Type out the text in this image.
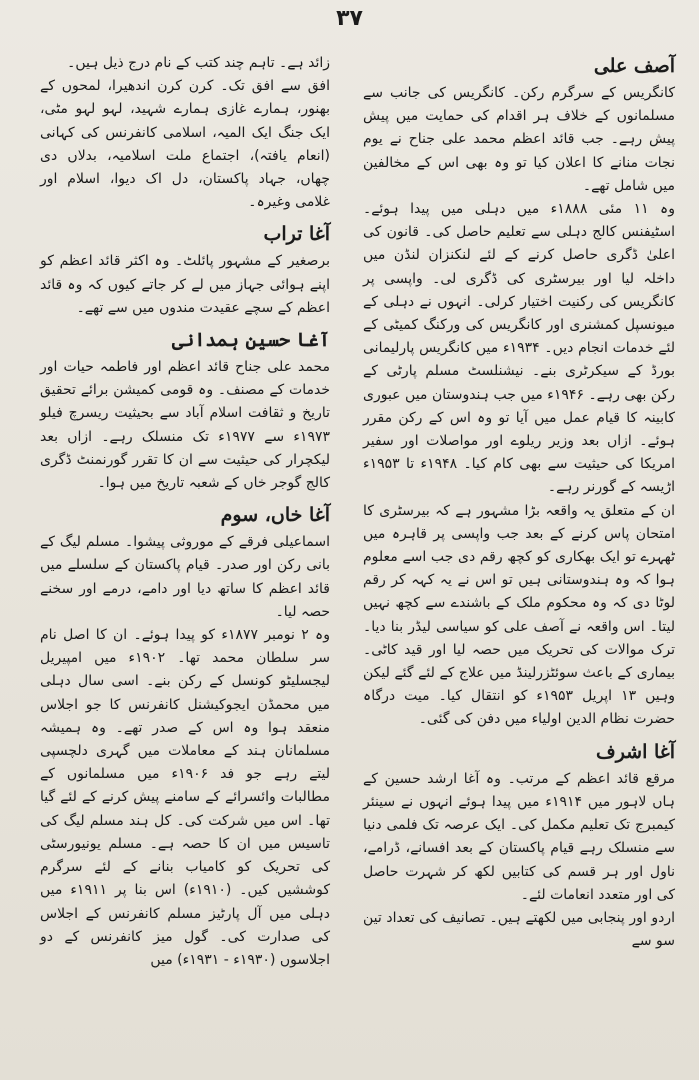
۳۷
آصف علی

کانگریس کے سرگرم رکن۔ کانگریس کی جانب سے مسلمانوں کے خلاف ہر اقدام کی حمایت میں پیش پیش رہے۔ جب قائد اعظم محمد علی جناح نے یوم نجات منانے کا اعلان کیا تو وہ بھی اس کے مخالفین میں شامل تھے۔

وہ ۱۱ مئی ۱۸۸۸ء میں دہلی میں پیدا ہوئے۔ اسٹیفنس کالج دہلی سے تعلیم حاصل کی۔ قانون کی اعلیٰ ڈگری حاصل کرنے کے لئے لنکنزان لنڈن میں داخلہ لیا اور بیرسٹری کی ڈگری لی۔ واپسی پر کانگریس کی رکنیت اختیار کرلی۔ انہوں نے دہلی کے میونسپل کمشنری اور کانگریس کی ورکنگ کمیٹی کے لئے خدمات انجام دیں۔ ۱۹۳۴ء میں کانگریس پارلیمانی بورڈ کے سیکرٹری بنے۔ نیشنلسٹ مسلم پارٹی کے رکن بھی رہے۔ ۱۹۴۶ء میں جب ہندوستان میں عبوری کابینہ کا قیام عمل میں آیا تو وہ اس کے رکن مقرر ہوئے۔ ازاں بعد وزیر ریلوے اور مواصلات اور سفیر امریکا کی حیثیت سے بھی کام کیا۔ ۱۹۴۸ء تا ۱۹۵۳ء اڑیسہ کے گورنر رہے۔

ان کے متعلق یہ واقعہ بڑا مشہور ہے کہ بیرسٹری کا امتحان پاس کرنے کے بعد جب واپسی پر قاہرہ میں ٹھہرے تو ایک بھکاری کو کچھ رقم دی جب اسے معلوم ہوا کہ وہ ہندوستانی ہیں تو اس نے یہ کہہ کر رقم لوٹا دی کہ وہ محکوم ملک کے باشندے سے کچھ نہیں لیتا۔ اس واقعہ نے آصف علی کو سیاسی لیڈر بنا دیا۔ ترک موالات کی تحریک میں حصہ لیا اور قید کاٹی۔ بیماری کے باعث سوئٹزرلینڈ میں علاج کے لئے گئے لیکن وہیں ۱۳ اپریل ۱۹۵۳ء کو انتقال کیا۔ میت درگاہ حضرت نظام الدین اولیاء میں دفن کی گئی۔

آغا اشرف

مرقع قائد اعظم کے مرتب۔ وہ آغا ارشد حسین کے ہاں لاہور میں ۱۹۱۴ء میں پیدا ہوئے انہوں نے سینئر کیمبرج تک تعلیم مکمل کی۔ ایک عرصہ تک فلمی دنیا سے منسلک رہے قیام پاکستان کے بعد افسانے، ڈرامے، ناول اور ہر قسم کی کتابیں لکھ کر شہرت حاصل کی اور متعدد انعامات لئے۔

اردو اور پنجابی میں لکھتے ہیں۔ تصانیف کی تعداد تین سو سے

زائد ہے۔ تاہم چند کتب کے نام درج ذیل ہیں۔

افق سے افق تک۔ کرن کرن اندھیرا، لمحوں کے بھنور، ہمارے غازی ہمارے شہید، لہو لہو مٹی، ایک جنگ ایک المیہ، اسلامی کانفرنس کی کہانی (انعام یافتہ)، اجتماع ملت اسلامیہ، بدلاں دی چھاں، جہاد پاکستان، دل اک دیوا، اسلام اور غلامی وغیرہ۔

آغا تراب

برصغیر کے مشہور پائلٹ۔ وہ اکثر قائد اعظم کو اپنے ہوائی جہاز میں لے کر جاتے کیوں کہ وہ قائد اعظم کے سچے عقیدت مندوں میں سے تھے۔

آغا حسین ہمدانی

محمد علی جناح قائد اعظم اور فاطمہ حیات اور خدمات کے مصنف۔ وہ قومی کمیشن برائے تحقیق تاریخ و ثقافت اسلام آباد سے بحیثیت ریسرچ فیلو ۱۹۷۳ء سے ۱۹۷۷ء تک منسلک رہے۔ ازاں بعد لیکچرار کی حیثیت سے ان کا تقرر گورنمنٹ ڈگری کالج گوجر خاں کے شعبہ تاریخ میں ہوا۔

آغا خاں، سوم

اسماعیلی فرقے کے موروثی پیشوا۔ مسلم لیگ کے بانی رکن اور صدر۔ قیام پاکستان کے سلسلے میں قائد اعظم کا ساتھ دیا اور دامے، درمے اور سخنے حصہ لیا۔

وہ ۲ نومبر ۱۸۷۷ء کو پیدا ہوئے۔ ان کا اصل نام سر سلطان محمد تھا۔ ۱۹۰۲ء میں امپیریل لیجسلیٹو کونسل کے رکن بنے۔ اسی سال دہلی میں محمڈن ایجوکیشنل کانفرنس کا جو اجلاس منعقد ہوا وہ اس کے صدر تھے۔ وہ ہمیشہ مسلمانان ہند کے معاملات میں گہری دلچسپی لیتے رہے جو فد ۱۹۰۶ء میں مسلمانوں کے مطالبات وائسرائے کے سامنے پیش کرنے کے لئے گیا تھا۔ اس میں شرکت کی۔ کل ہند مسلم لیگ کی تاسیس میں ان کا حصہ ہے۔ مسلم یونیورسٹی کی تحریک کو کامیاب بنانے کے لئے سرگرم کوششیں کیں۔ (۱۹۱۰ء) اس بنا پر ۱۹۱۱ء میں دہلی میں آل پارٹیز مسلم کانفرنس کے اجلاس کی صدارت کی۔ گول میز کانفرنس کے دو اجلاسوں (۱۹۳۰ء - ۱۹۳۱ء) میں
